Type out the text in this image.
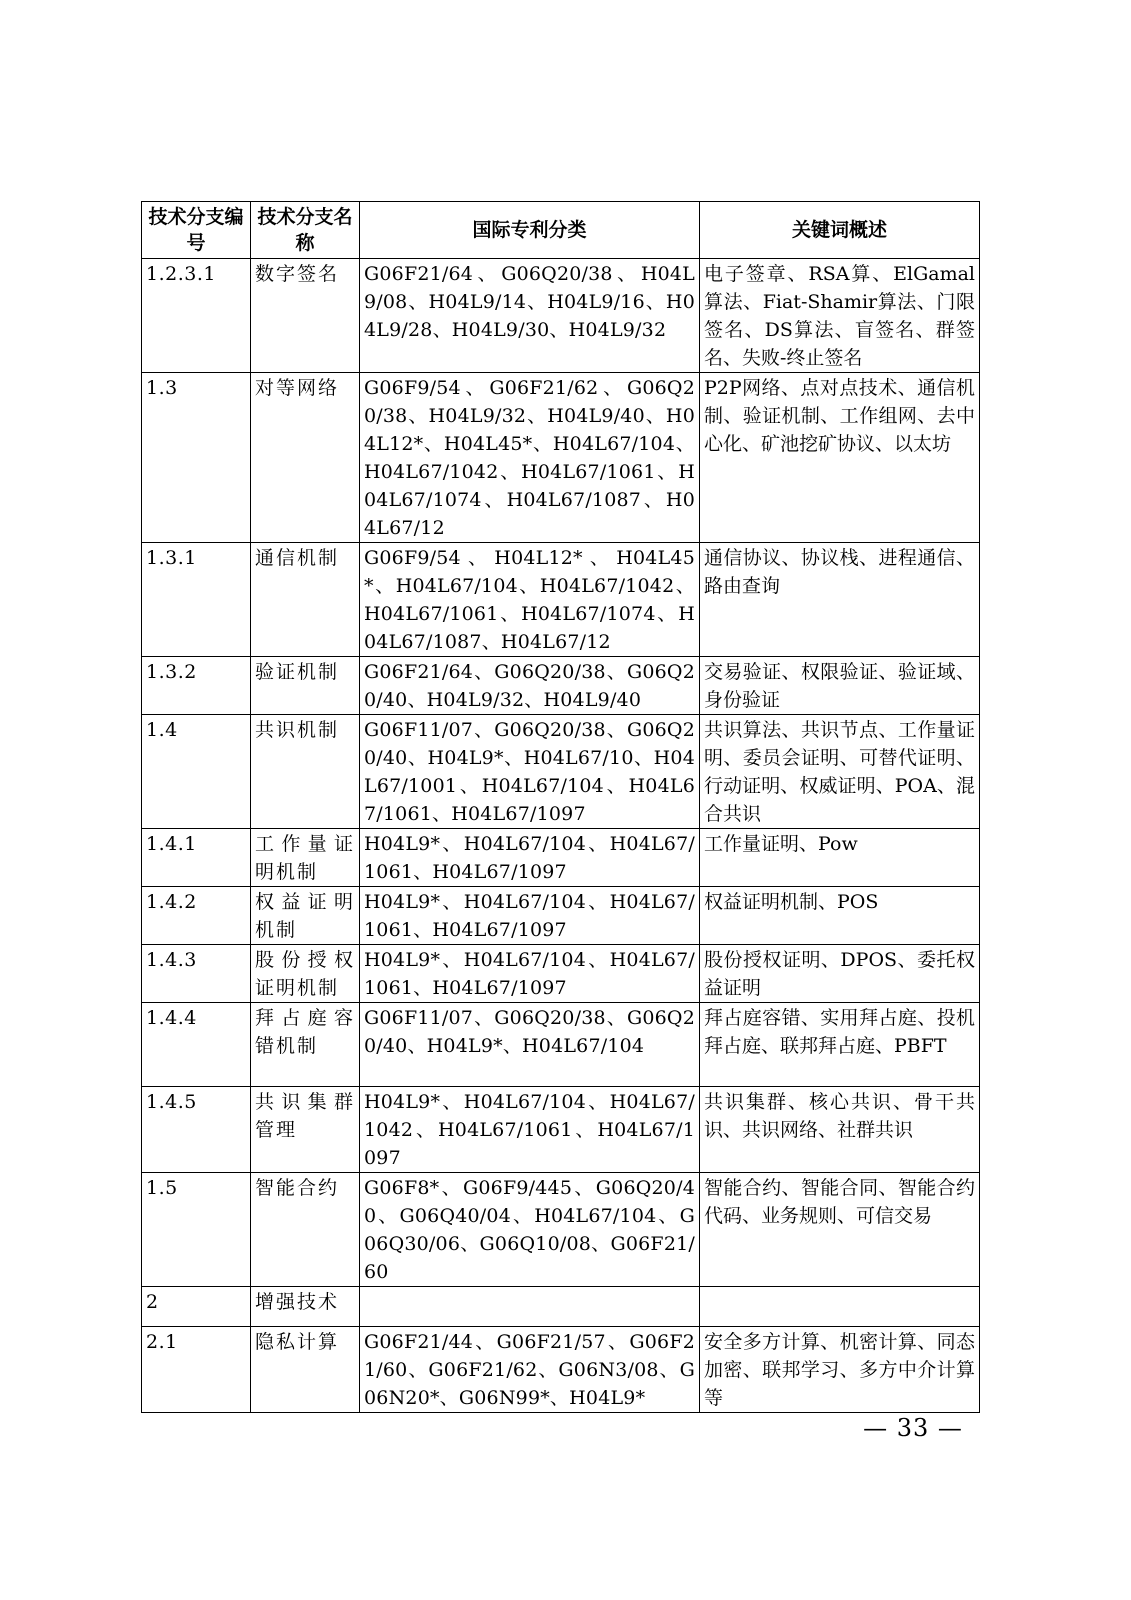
技术分支编号	技术分支名称	国际专利分类	关键词概述
1.2.3.1	数字签名	G06F21/64、G06Q20/38、H04L9/08、H04L9/14、H04L9/16、H04L9/28、H04L9/30、H04L9/32	电子签章、RSA算、ElGamal算法、Fiat-Shamir算法、门限签名、DS算法、盲签名、群签名、失败-终止签名
1.3	对等网络	G06F9/54、G06F21/62、G06Q20/38、H04L9/32、H04L9/40、H04L12*、H04L45*、H04L67/104、H04L67/1042、H04L67/1061、H04L67/1074、H04L67/1087、H04L67/12	P2P网络、点对点技术、通信机制、验证机制、工作组网、去中心化、矿池挖矿协议、以太坊
1.3.1	通信机制	G06F9/54、H04L12*、H04L45*、H04L67/104、H04L67/1042、H04L67/1061、H04L67/1074、H04L67/1087、H04L67/12	通信协议、协议栈、进程通信、路由查询
1.3.2	验证机制	G06F21/64、G06Q20/38、G06Q20/40、H04L9/32、H04L9/40	交易验证、权限验证、验证域、身份验证
1.4	共识机制	G06F11/07、G06Q20/38、G06Q20/40、H04L9*、H04L67/10、H04L67/1001、H04L67/104、H04L67/1061、H04L67/1097	共识算法、共识节点、工作量证明、委员会证明、可替代证明、行动证明、权威证明、POA、混合共识
1.4.1	工作量证明机制	H04L9*、H04L67/104、H04L67/1061、H04L67/1097	工作量证明、Pow
1.4.2	权益证明机制	H04L9*、H04L67/104、H04L67/1061、H04L67/1097	权益证明机制、POS
1.4.3	股份授权证明机制	H04L9*、H04L67/104、H04L67/1061、H04L67/1097	股份授权证明、DPOS、委托权益证明
1.4.4	拜占庭容错机制	G06F11/07、G06Q20/38、G06Q20/40、H04L9*、H04L67/104	拜占庭容错、实用拜占庭、投机拜占庭、联邦拜占庭、PBFT
1.4.5	共识集群管理	H04L9*、H04L67/104、H04L67/1042、H04L67/1061、H04L67/1097	共识集群、核心共识、骨干共识、共识网络、社群共识
1.5	智能合约	G06F8*、G06F9/445、G06Q20/40、G06Q40/04、H04L67/104、G06Q30/06、G06Q10/08、G06F21/60	智能合约、智能合同、智能合约代码、业务规则、可信交易
2	增强技术		
2.1	隐私计算	G06F21/44、G06F21/57、G06F21/60、G06F21/62、G06N3/08、G06N20*、G06N99*、H04L9*	安全多方计算、机密计算、同态加密、联邦学习、多方中介计算等
— 33 —
